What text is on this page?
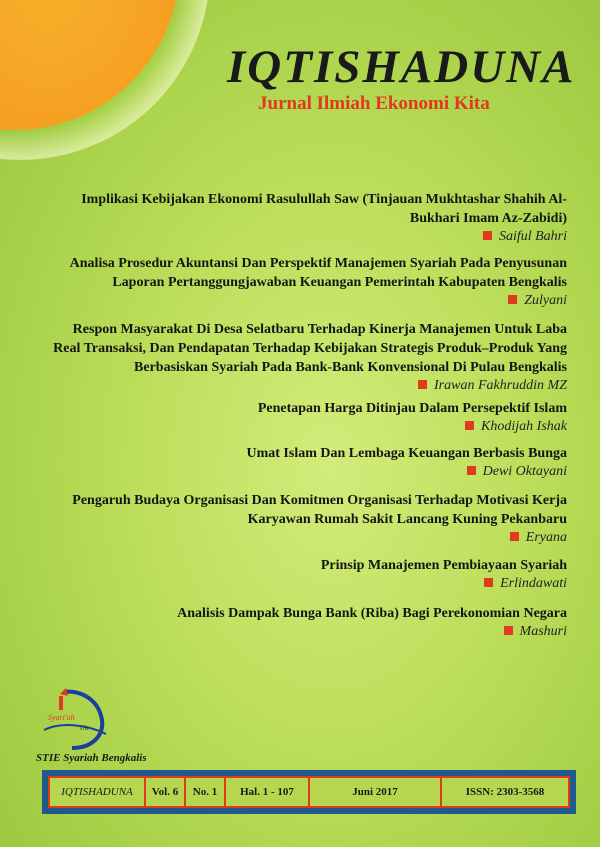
IQTISHADUNA
Jurnal Ilmiah Ekonomi Kita
Implikasi Kebijakan Ekonomi Rasulullah Saw (Tinjauan Mukhtashar Shahih Al-
Bukhari Imam Az-Zabidi)
Saiful Bahri
Analisa Prosedur Akuntansi Dan Perspektif Manajemen Syariah Pada Penyusunan
Laporan Pertanggungjawaban Keuangan Pemerintah Kabupaten Bengkalis
Zulyani
Respon Masyarakat Di Desa Selatbaru Terhadap Kinerja Manajemen Untuk Laba
Real Transaksi, Dan Pendapatan Terhadap Kebijakan Strategis Produk–Produk Yang
Berbasiskan Syariah Pada Bank-Bank Konvensional Di Pulau Bengkalis
Irawan Fakhruddin MZ
Penetapan Harga Ditinjau Dalam Persepektif Islam
Khodijah Ishak
Umat Islam Dan Lembaga Keuangan Berbasis Bunga
Dewi Oktayani
Pengaruh Budaya Organisasi Dan Komitmen Organisasi Terhadap Motivasi Kerja
Karyawan Rumah Sakit Lancang Kuning Pekanbaru
Eryana
Prinsip Manajemen Pembiayaan Syariah
Erlindawati
Analisis Dampak Bunga Bank (Riba) Bagi Perekonomian Negara
Mashuri
Syari'ah
STIE
STIE Syariah Bengkalis
IQTISHADUNA	Vol. 6	No. 1	Hal. 1 - 107	Juni 2017	ISSN: 2303-3568
